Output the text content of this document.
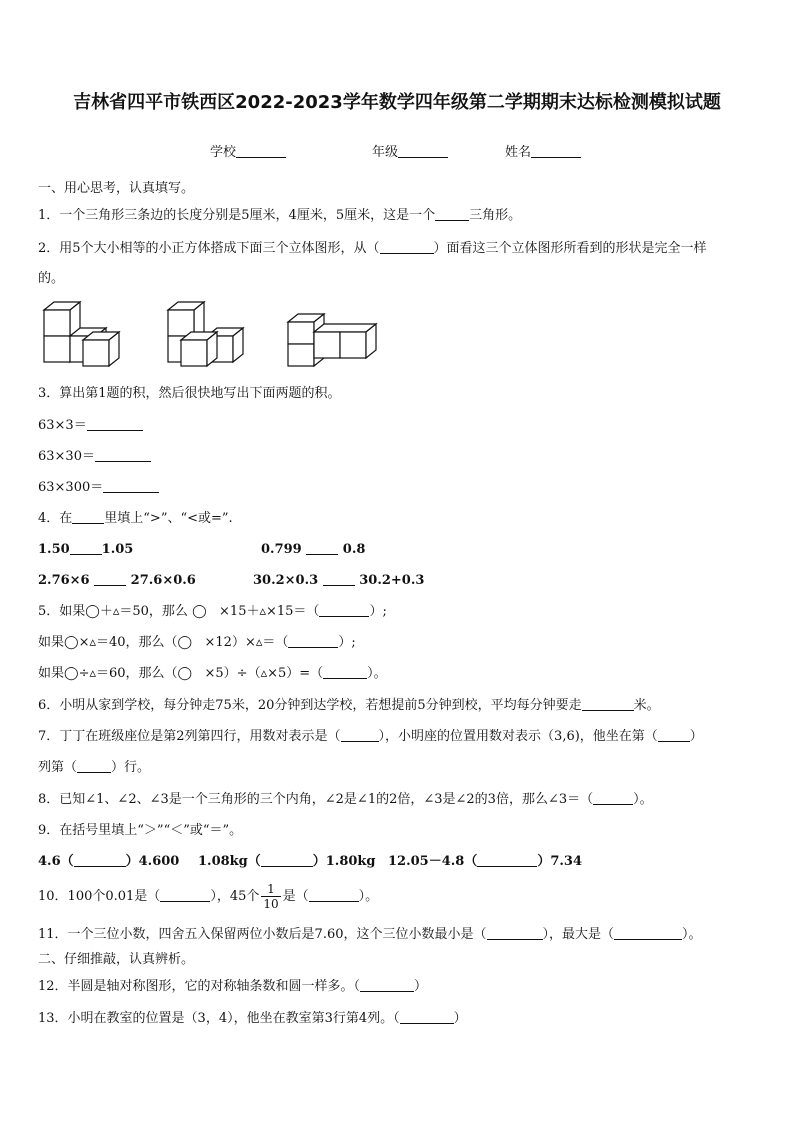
吉林省四平市铁西区2022-2023学年数学四年级第二学期期末达标检测模拟试题
学校	年级	姓名
一、用心思考，认真填写。
1．一个三角形三条边的长度分别是5厘米，4厘米，5厘米，这是一个	三角形。
2．用5个大小相等的小正方体搭成下面三个立体图形，从（	）面看这三个立体图形所看到的形状是完全一样
的。
3．算出第1题的积，然后很快地写出下面两题的积。
63×3＝
63×30＝
63×300＝
4．在 里填上“>”、“<或=”.
1.50 1.05	0.799	0.8
2.76×6	27.6×0.6	30.2×0.3	30.2+0.3
5．如果◯＋▵＝50，那么 ◯ ×15＋▵×15＝（	）;
如果◯×▵＝40，那么（◯ ×12）×▵＝（	）;
如果◯÷▵＝60，那么（◯ ×5）÷（▵×5）=（	）。
6．小明从家到学校，每分钟走75米，20分钟到达学校，若想提前5分钟到校，平均每分钟要走	米。
7．丁丁在班级座位是第2列第四行，用数对表示是（	），小明座的位置用数对表示（3,6)，他坐在第（ ）
列第（	）行。
8．已知∠1、∠2、∠3是一个三角形的三个内角，∠2是∠1的2倍，∠3是∠2的3倍，那么∠3＝（	）。
9．在括号里填上“＞”“＜”或“＝”。
4.6（	）4.600 1.08kg（	）1.80kg 12.05－4.8（	）7.34
10．100个0.01是（	），45个 $\frac{1}{10}$ 是（	）。
11．一个三位小数，四舍五入保留两位小数后是7.60，这个三位小数最小是（	），最大是（	）。
二、仔细推敲，认真辨析。
12．半圆是轴对称图形，它的对称轴条数和圆一样多。（	）
13．小明在教室的位置是（3，4），他坐在教室第3行第4列。（	）
